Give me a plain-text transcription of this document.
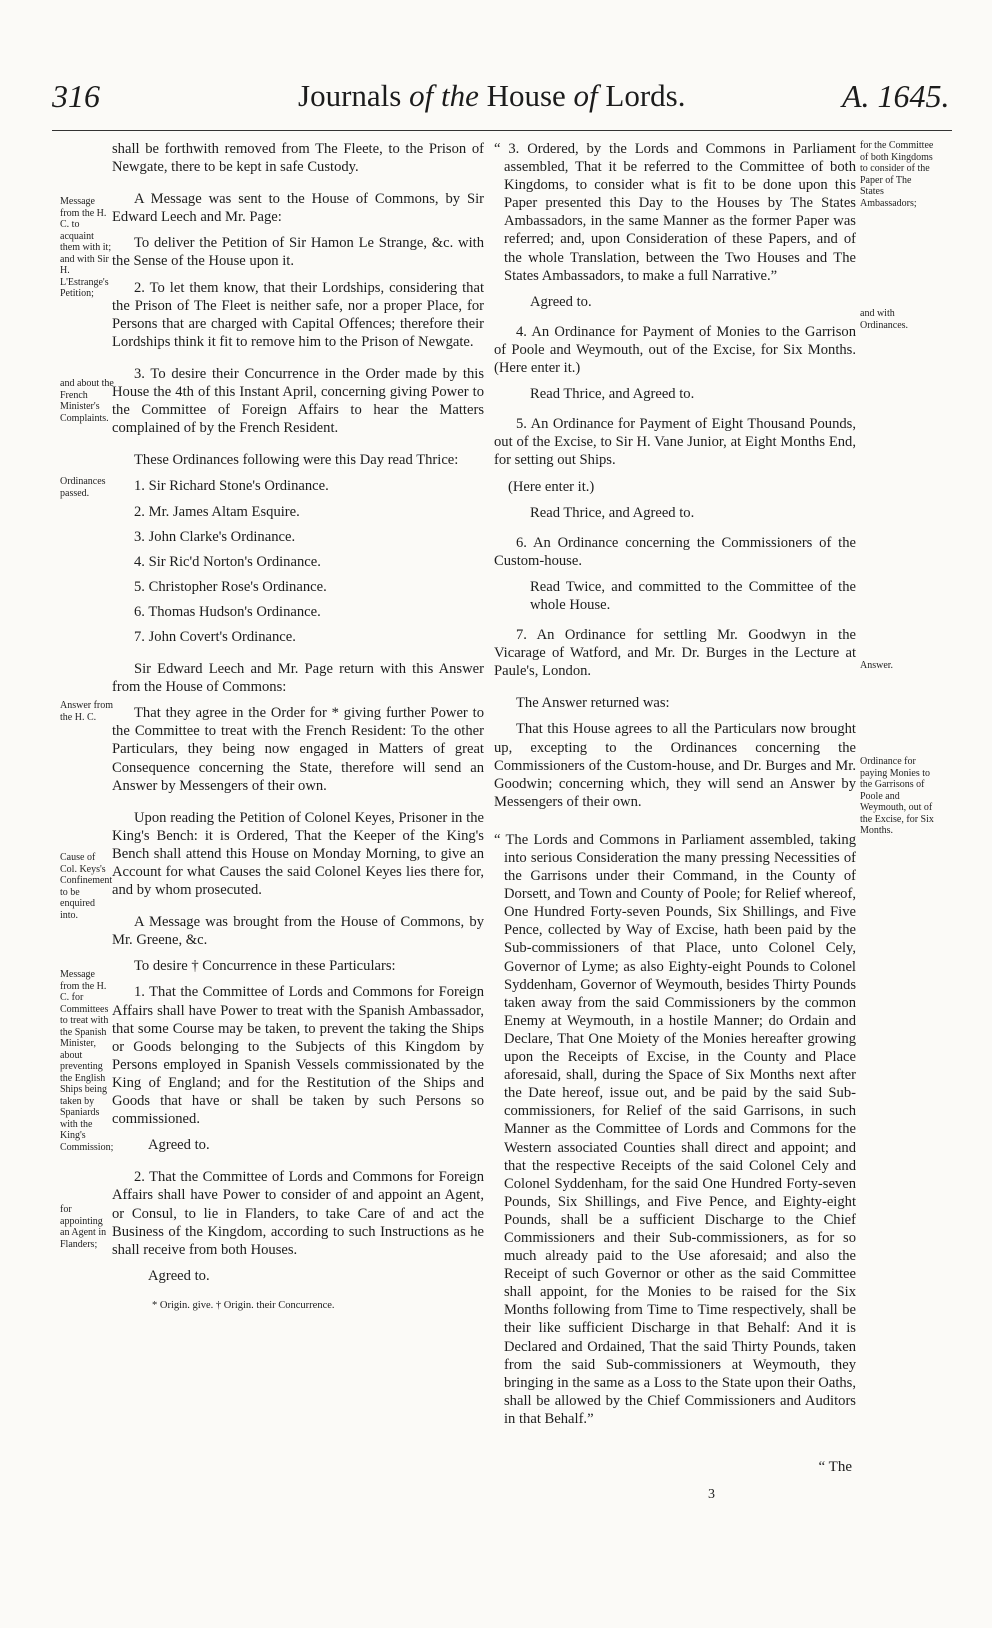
316	Journals of the House of Lords.	A. 1645.
Message from the H. C. to acquaint them with it; and with Sir H. L'Estrange's Petition;
and about the French Minister's Complaints.
Ordinances passed.
Answer from the H. C.
Cause of Col. Keys's Confinement to be enquired into.
Message from the H. C. for Committees to treat with the Spanish Minister, about preventing the English Ships being taken by Spaniards with the King's Commission;
for appointing an Agent in Flanders;

shall be forthwith removed from The Fleete, to the Prison of Newgate, there to be kept in safe Custody.

A Message was sent to the House of Commons, by Sir Edward Leech and Mr. Page:

To deliver the Petition of Sir Hamon Le Strange, &c. with the Sense of the House upon it.

2. To let them know, that their Lordships, considering that the Prison of The Fleet is neither safe, nor a proper Place, for Persons that are charged with Capital Offences; therefore their Lordships think it fit to remove him to the Prison of Newgate.

3. To desire their Concurrence in the Order made by this House the 4th of this Instant April, concerning giving Power to the Committee of Foreign Affairs to hear the Matters complained of by the French Resident.

These Ordinances following were this Day read Thrice:

1. Sir Richard Stone's Ordinance.

2. Mr. James Altam Esquire.

3. John Clarke's Ordinance.

4. Sir Ric'd Norton's Ordinance.

5. Christopher Rose's Ordinance.

6. Thomas Hudson's Ordinance.

7. John Covert's Ordinance.

Sir Edward Leech and Mr. Page return with this Answer from the House of Commons:

That they agree in the Order for * giving further Power to the Committee to treat with the French Resident: To the other Particulars, they being now engaged in Matters of great Consequence concerning the State, therefore will send an Answer by Messengers of their own.

Upon reading the Petition of Colonel Keyes, Prisoner in the King's Bench: it is Ordered, That the Keeper of the King's Bench shall attend this House on Monday Morning, to give an Account for what Causes the said Colonel Keyes lies there for, and by whom prosecuted.

A Message was brought from the House of Commons, by Mr. Greene, &c.

To desire † Concurrence in these Particulars:

1. That the Committee of Lords and Commons for Foreign Affairs shall have Power to treat with the Spanish Ambassador, that some Course may be taken, to prevent the taking the Ships or Goods belonging to the Subjects of this Kingdom by Persons employed in Spanish Vessels commissionated by the King of England; and for the Restitution of the Ships and Goods that have or shall be taken by such Persons so commissioned.

Agreed to.

2. That the Committee of Lords and Commons for Foreign Affairs shall have Power to consider of and appoint an Agent, or Consul, to lie in Flanders, to take Care of and act the Business of the Kingdom, according to such Instructions as he shall receive from both Houses.

Agreed to.

* Origin. give. † Origin. their Concurrence.

“ 3. Ordered, by the Lords and Commons in Parliament assembled, That it be referred to the Committee of both Kingdoms, to consider what is fit to be done upon this Paper presented this Day to the Houses by The States Ambassadors, in the same Manner as the former Paper was referred; and, upon Consideration of these Papers, and of the whole Translation, between the Two Houses and The States Ambassadors, to make a full Narrative.”

Agreed to.

4. An Ordinance for Payment of Monies to the Garrison of Poole and Weymouth, out of the Excise, for Six Months. (Here enter it.)

Read Thrice, and Agreed to.

5. An Ordinance for Payment of Eight Thousand Pounds, out of the Excise, to Sir H. Vane Junior, at Eight Months End, for setting out Ships.

(Here enter it.)

Read Thrice, and Agreed to.

6. An Ordinance concerning the Commissioners of the Custom-house.

Read Twice, and committed to the Committee of the whole House.

7. An Ordinance for settling Mr. Goodwyn in the Vicarage of Watford, and Mr. Dr. Burges in the Lecture at Paule's, London.

The Answer returned was:

That this House agrees to all the Particulars now brought up, excepting to the Ordinances concerning the Commissioners of the Custom-house, and Dr. Burges and Mr. Goodwin; concerning which, they will send an Answer by Messengers of their own.

“ The Lords and Commons in Parliament assembled, taking into serious Consideration the many pressing Necessities of the Garrisons under their Command, in the County of Dorsett, and Town and County of Poole; for Relief whereof, One Hundred Forty-seven Pounds, Six Shillings, and Five Pence, collected by Way of Excise, hath been paid by the Sub-commissioners of that Place, unto Colonel Cely, Governor of Lyme; as also Eighty-eight Pounds to Colonel Syddenham, Governor of Weymouth, besides Thirty Pounds taken away from the said Commissioners by the common Enemy at Weymouth, in a hostile Manner; do Ordain and Declare, That One Moiety of the Monies hereafter growing upon the Receipts of Excise, in the County and Place aforesaid, shall, during the Space of Six Months next after the Date hereof, issue out, and be paid by the said Sub-commissioners, for Relief of the said Garrisons, in such Manner as the Committee of Lords and Commons for the Western associated Counties shall direct and appoint; and that the respective Receipts of the said Colonel Cely and Colonel Syddenham, for the said One Hundred Forty-seven Pounds, Six Shillings, and Five Pence, and Eighty-eight Pounds, shall be a sufficient Discharge to the Chief Commissioners and their Sub-commissioners, as for so much already paid to the Use aforesaid; and also the Receipt of such Governor or other as the said Committee shall appoint, for the Monies to be raised for the Six Months following from Time to Time respectively, shall be their like sufficient Discharge in that Behalf: And it is Declared and Ordained, That the said Thirty Pounds, taken from the said Sub-commissioners at Weymouth, they bringing in the same as a Loss to the State upon their Oaths, shall be allowed by the Chief Commissioners and Auditors in that Behalf.”

3
“ The
for the Committee of both Kingdoms to consider of the Paper of The States Ambassadors;
and with Ordinances.
Answer.
Ordinance for paying Monies to the Garrisons of Poole and Weymouth, out of the Excise, for Six Months.
